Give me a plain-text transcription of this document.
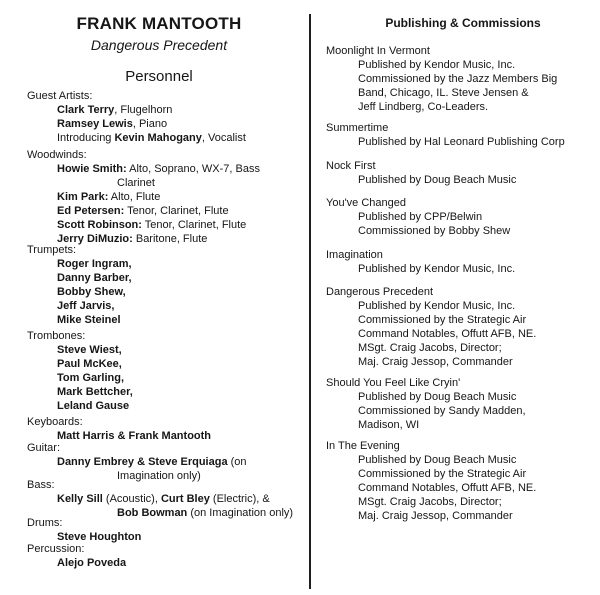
FRANK MANTOOTH
Dangerous Precedent
Personnel
Guest Artists:
Clark Terry, Flugelhorn
Ramsey Lewis, Piano
Introducing Kevin Mahogany, Vocalist
Woodwinds:
Howie Smith: Alto, Soprano, WX-7, Bass
Clarinet
Kim Park: Alto, Flute
Ed Petersen: Tenor, Clarinet, Flute
Scott Robinson: Tenor, Clarinet, Flute
Jerry DiMuzio: Baritone, Flute
Trumpets:
Roger Ingram,
Danny Barber,
Bobby Shew,
Jeff Jarvis,
Mike Steinel
Trombones:
Steve Wiest,
Paul McKee,
Tom Garling,
Mark Bettcher,
Leland Gause
Keyboards:
Matt Harris & Frank Mantooth
Guitar:
Danny Embrey & Steve Erquiaga (on
Imagination only)
Bass:
Kelly Sill (Acoustic), Curt Bley (Electric), &
Bob Bowman (on Imagination only)
Drums:
Steve Houghton
Percussion:
Alejo Poveda
Publishing & Commissions
Moonlight In Vermont
Published by Kendor Music, Inc.
Commissioned by the Jazz Members Big
Band, Chicago, IL. Steve Jensen &
Jeff Lindberg, Co-Leaders.
Summertime
Published by Hal Leonard Publishing Corp
Nock First
Published by Doug Beach Music
You've Changed
Published by CPP/Belwin
Commissioned by Bobby Shew
Imagination
Published by Kendor Music, Inc.
Dangerous Precedent
Published by Kendor Music, Inc.
Commissioned by the Strategic Air
Command Notables, Offutt AFB, NE.
MSgt. Craig Jacobs, Director;
Maj. Craig Jessop, Commander
Should You Feel Like Cryin'
Published by Doug Beach Music
Commissioned by Sandy Madden,
Madison, WI
In The Evening
Published by Doug Beach Music
Commissioned by the Strategic Air
Command Notables, Offutt AFB, NE.
MSgt. Craig Jacobs, Director;
Maj. Craig Jessop, Commander
